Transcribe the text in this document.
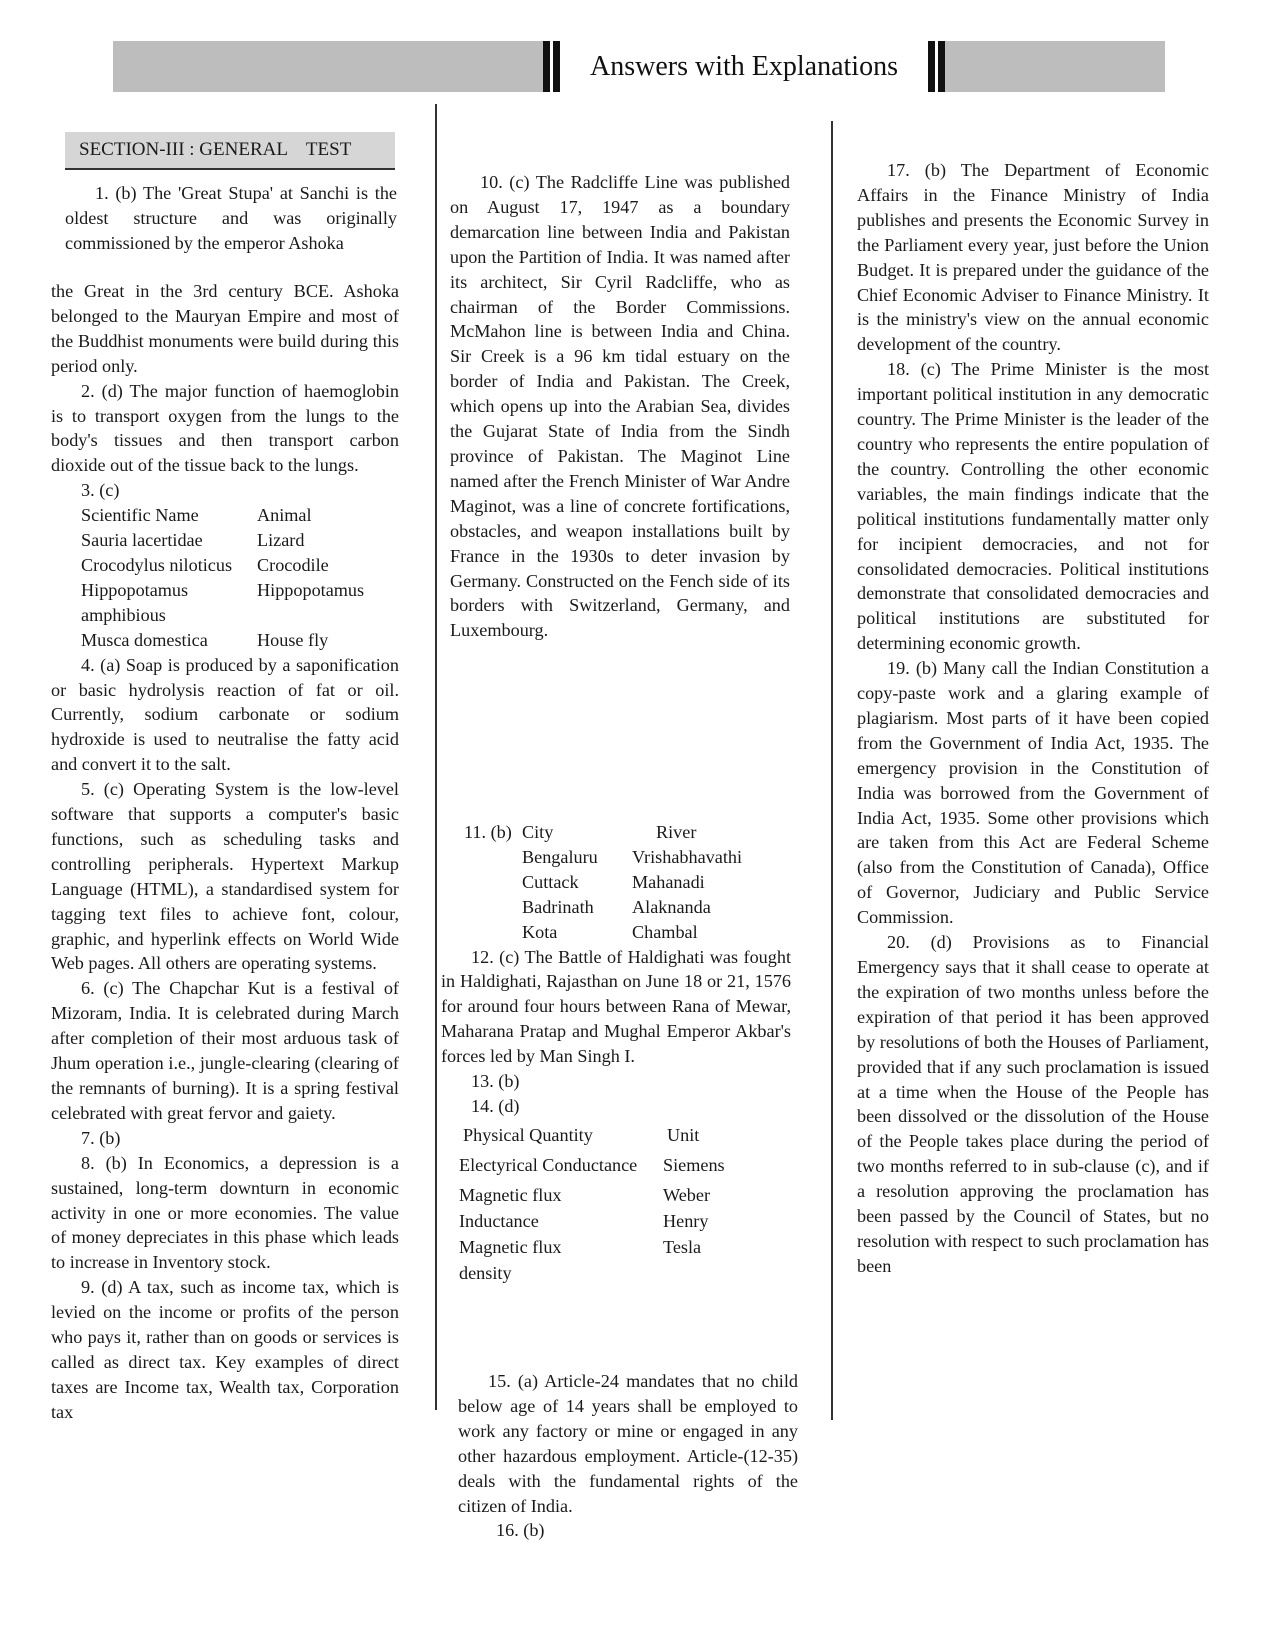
Answers with Explanations
SECTION-III : GENERAL    TEST

1. (b) The 'Great Stupa' at Sanchi is the oldest structure and was originally commissioned by the emperor Ashoka

the Great in the 3rd century BCE. Ashoka belonged to the Mauryan Empire and most of the Buddhist monuments were build during this period only.

2. (d) The major function of haemoglobin is to transport oxygen from the lungs to the body's tissues and then transport carbon dioxide out of the tissue back to the lungs.

3. (c)

Scientific Name	Animal
Sauria lacertidae	Lizard
Crocodylus niloticus	Crocodile
Hippopotamus amphibious	Hippopotamus
Musca domestica	House fly

4. (a) Soap is produced by a saponification or basic hydrolysis reaction of fat or oil. Currently, sodium carbonate or sodium hydroxide is used to neutralise the fatty acid and convert it to the salt.

5. (c) Operating System is the low-level software that supports a computer's basic functions, such as scheduling tasks and controlling peripherals. Hypertext Markup Language (HTML), a standardised system for tagging text files to achieve font, colour, graphic, and hyperlink effects on World Wide Web pages. All others are operating systems.

6. (c) The Chapchar Kut is a festival of Mizoram, India. It is celebrated during March after completion of their most arduous task of Jhum operation i.e., jungle-clearing (clearing of the remnants of burning). It is a spring festival celebrated with great fervor and gaiety.

7. (b)

8. (b) In Economics, a depression is a sustained, long-term downturn in economic activity in one or more economies. The value of money depreciates in this phase which leads to increase in Inventory stock.

9. (d) A tax, such as income tax, which is levied on the income or profits of the person who pays it, rather than on goods or services is called as direct tax. Key examples of direct taxes are Income tax, Wealth tax, Corporation tax

10. (c) The Radcliffe Line was published on August 17, 1947 as a boundary demarcation line between India and Pakistan upon the Partition of India. It was named after its architect, Sir Cyril Radcliffe, who as chairman of the Border Commissions. McMahon line is between India and China. Sir Creek is a 96 km tidal estuary on the border of India and Pakistan. The Creek, which opens up into the Arabian Sea, divides the Gujarat State of India from the Sindh province of Pakistan. The Maginot Line named after the French Minister of War Andre Maginot, was a line of concrete fortifications, obstacles, and weapon installations built by France in the 1930s to deter invasion by Germany. Constructed on the Fench side of its borders with Switzerland, Germany, and Luxembourg.

11. (b)	City	River
	Bengaluru	Vrishabhavathi
	Cuttack	Mahanadi
	Badrinath	Alaknanda
	Kota	Chambal

12. (c) The Battle of Haldighati was fought in Haldighati, Rajasthan on June 18 or 21, 1576 for around four hours between Rana of Mewar, Maharana Pratap and Mughal Emperor Akbar's forces led by Man Singh I.

13. (b)

14. (d)

Physical Quantity	Unit
Electyrical Conductance	Siemens
Magnetic flux	Weber
Inductance	Henry
Magnetic flux density	Tesla

15. (a) Article-24 mandates that no child below age of 14 years shall be employed to work any factory or mine or engaged in any other hazardous employment. Article-(12-35) deals with the fundamental rights of the citizen of India.

16. (b)

17. (b) The Department of Economic Affairs in the Finance Ministry of India publishes and presents the Economic Survey in the Parliament every year, just before the Union Budget. It is prepared under the guidance of the Chief Economic Adviser to Finance Ministry. It is the ministry's view on the annual economic development of the country.

18. (c) The Prime Minister is the most important political institution in any democratic country. The Prime Minister is the leader of the country who represents the entire population of the country. Controlling the other economic variables, the main findings indicate that the political institutions fundamentally matter only for incipient democracies, and not for consolidated democracies. Political institutions demonstrate that consolidated democracies and political institutions are substituted for determining economic growth.

19. (b) Many call the Indian Constitution a copy-paste work and a glaring example of plagiarism. Most parts of it have been copied from the Government of India Act, 1935. The emergency provision in the Constitution of India was borrowed from the Government of India Act, 1935. Some other provisions which are taken from this Act are Federal Scheme (also from the Constitution of Canada), Office of Governor, Judiciary and Public Service Commission.

20. (d) Provisions as to Financial Emergency says that it shall cease to operate at the expiration of two months unless before the expiration of that period it has been approved by resolutions of both the Houses of Parliament, provided that if any such proclamation is issued at a time when the House of the People has been dissolved or the dissolution of the House of the People takes place during the period of two months referred to in sub-clause (c), and if a resolution approving the proclamation has been passed by the Council of States, but no resolution with respect to such proclamation has been
